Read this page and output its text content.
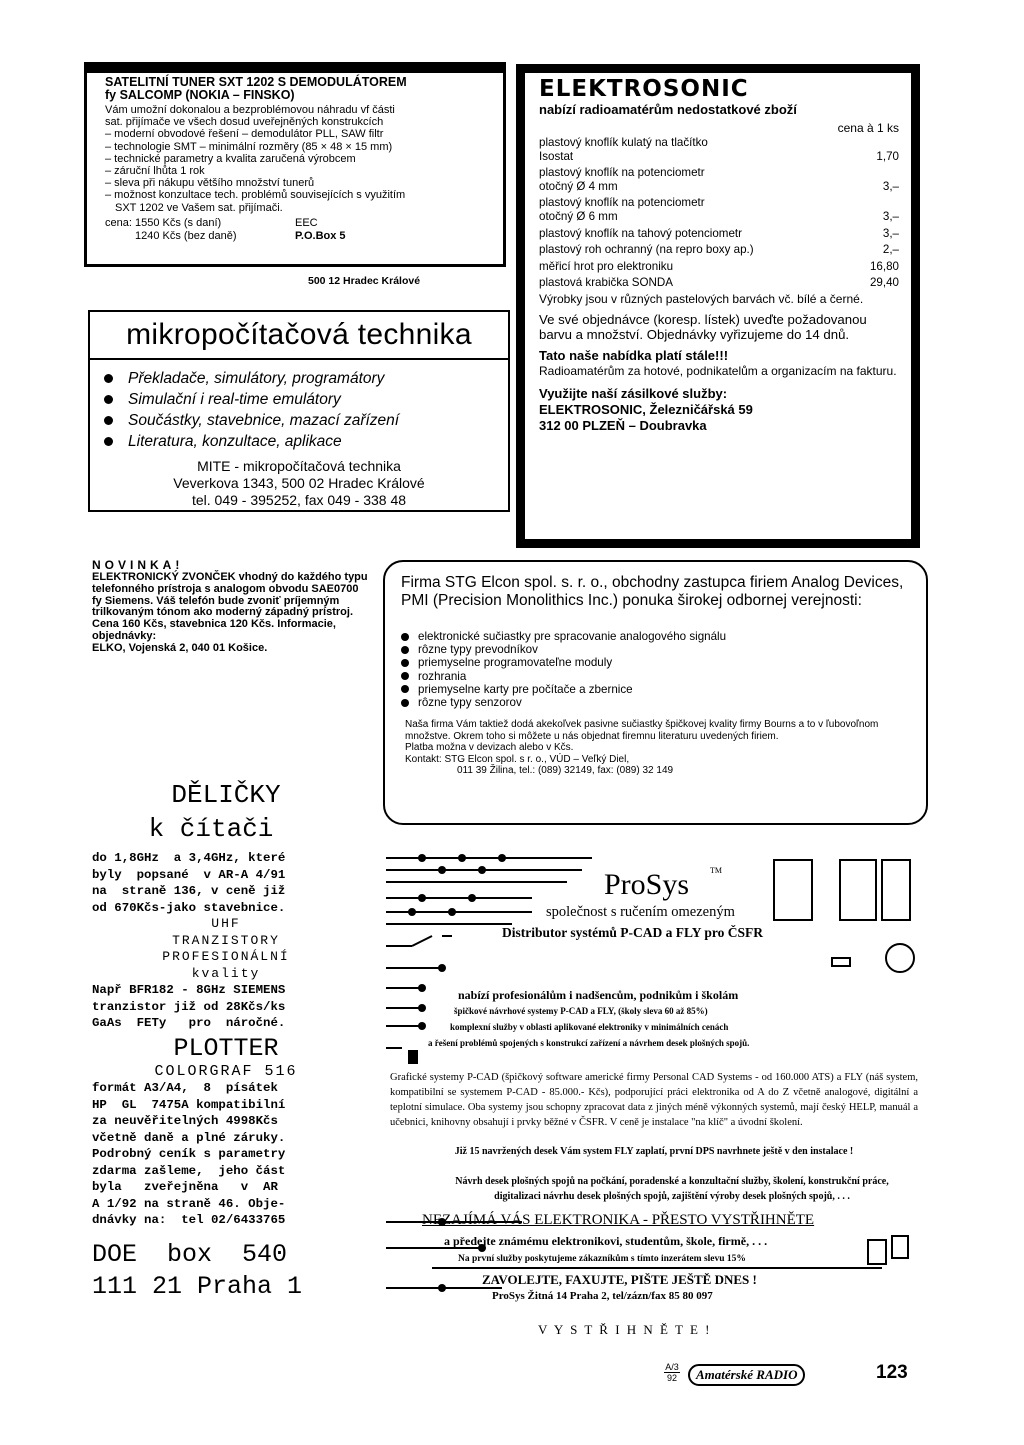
SATELITNÍ TUNER SXT 1202 S DEMODULÁTOREM
fy SALCOMP (NOKIA – FINSKO)
Vám umožní dokonalou a bezproblémovou náhradu vf části
sat. přijímače ve všech dosud uveřejněných konstrukcích
– moderní obvodové řešení – demodulátor PLL, SAW filtr
– technologie SMT – minimální rozměry (85 × 48 × 15 mm)
– technické parametry a kvalita zaručená výrobcem
– záruční lhůta 1 rok
– sleva při nákupu většího množství tunerů
– možnost konzultace tech. problémů souvisejících s využitím
SXT 1202 ve Vašem sat. přijímači.
cena: 1550 Kčs (s daní)	EEC
1240 Kčs (bez daně)	P.O.Box 5
500 12 Hradec Králové
mikropočítačová technika
Překladače, simulátory, programátory
Simulační i real-time emulátory
Součástky, stavebnice, mazací zařízení
Literatura, konzultace, aplikace
MITE - mikropočítačová technika
Veverkova 1343, 500 02 Hradec Králové
tel. 049 - 395252, fax 049 - 338 48
ELEKTROSONIC
nabízí radioamatérům nedostatkové zboží
cena à 1 ks
plastový knoflík kulatý na tlačítko
Isostat	1,70
plastový knoflík na potenciometr
otočný Ø 4 mm	3,–
plastový knoflík na potenciometr
otočný Ø 6 mm	3,–
plastový knoflík na tahový potenciometr	3,–
plastový roh ochranný (na repro boxy ap.)	2,–
měřicí hrot pro elektroniku	16,80
plastová krabička SONDA	29,40
Výrobky jsou v různých pastelových barvách vč. bílé a černé.
Ve své objednávce (koresp. lístek) uveďte požadovanou barvu a množství. Objednávky vyřizujeme do 14 dnů.
Tato naše nabídka platí stále!!!
Radioamatérům za hotové, podnikatelům a organizacím na fakturu.
Využijte naší zásilkové služby:
ELEKTROSONIC, Železničářská 59
312 00 PLZEŇ – Doubravka
NOVINKA!
ELEKTRONICKÝ ZVONČEK vhodný do každého typu telefonného prístroja s analogom obvodu SAE0700 fy Siemens. Váš telefón bude zvoniť príjemným trilkovaným tónom ako moderný západný prístroj. Cena 160 Kčs, stavebnica 120 Kčs. Informacie, objednávky:
ELKO, Vojenská 2, 040 01 Košice.
Firma STG Elcon spol. s. r. o., obchodny zastupca firiem Analog Devices, PMI (Precision Monolithics Inc.) ponuka širokej odbornej verejnosti:
elektronické sučiastky pre spracovanie analogového signálu
rôzne typy prevodníkov
priemyselne programovateľne moduly
rozhrania
priemyselne karty pre počítače a zbernice
rôzne typy senzorov
Naša firma Vám taktiež dodá akekoľvek pasivne sučiastky špičkovej kvality firmy Bourns a to v ľubovoľnom množstve. Okrem toho si môžete u nás objednat firemnu literaturu uvedených firiem.
Platba možna v devizach alebo v Kčs.
Kontakt: STG Elcon spol. s r. o., VÚD – Veľký Diel,
011 39 Žilina, tel.: (089) 32149, fax: (089) 32 149
DĚLIČKY
k čítači
do 1,8GHz  a 3,4GHz, které
byly  popsané  v AR-A 4/91
na  straně 136, v ceně již
od 670Kčs-jako stavebnice.
UHF
TRANZISTORY
PROFESIONÁLNÍ
kvality
Např BFR182 - 8GHz SIEMENS
tranzistor již od 28Kčs/ks
GaAs  FETy   pro  náročné.
PLOTTER
COLORGRAF 516
formát A3/A4,  8  písátek
HP  GL  7475A kompatibilní
za neuvěřitelných 4998Kčs
včetně daně a plné záruky.
Podrobný ceník s parametry
zdarma zašleme,  jeho část
byla   zveřejněna   v  AR
A 1/92 na straně 46. Obje-
dnávky na:  tel 02/6433765
DOE  box  540
111 21 Praha 1
ProSys	TM
společnost s ručením omezeným
Distributor systémů P-CAD a FLY pro ČSFR
nabízí profesionálům i nadšencům, podnikům i školám
špičkové návrhové systemy P-CAD a FLY, (školy sleva 60 až 85%)
komplexní služby v oblasti aplikované elektroniky v minimálních cenách
a řešení problémů spojených s konstrukcí zařízení a návrhem desek plošných spojů.
Grafické systemy P-CAD (špičkový software americké firmy Personal CAD Systems - od 160.000 ATS) a FLY (náš system, kompatibilní se systemem P-CAD - 85.000.- Kčs), podporující práci elektronika od A do Z včetně analogové, digitální a teplotní simulace. Oba systemy jsou schopny zpracovat data z jiných méně výkonných systemů, mají český HELP, manuál a učebnici, knihovny obsahují i prvky běžné v ČSFR. V ceně je instalace "na klíč" a úvodní školení.
Již 15 navržených desek Vám system FLY zaplatí, první DPS navrhnete ještě v den instalace !
Návrh desek plošných spojů na počkání, poradenské a konzultační služby, školení, konstrukční práce, digitalizaci návrhu desek plošných spojů, zajištění výroby desek plošných spojů, . . .
NEZAJÍMÁ VÁS ELEKTRONIKA - PŘESTO VYSTŘIHNĚTE
a předejte známému elektronikovi, studentům, škole, firmě, . . .
Na první služby poskytujeme zákazníkům s tímto inzerátem slevu 15%
ZAVOLEJTE, FAXUJTE, PIŠTE JEŠTĚ DNES !
ProSys Žitná 14 Praha 2, tel/zázn/fax 85 80 097
V Y S T Ř I H N Ě T E !
A/3
92	Amatérské RADIO	123
